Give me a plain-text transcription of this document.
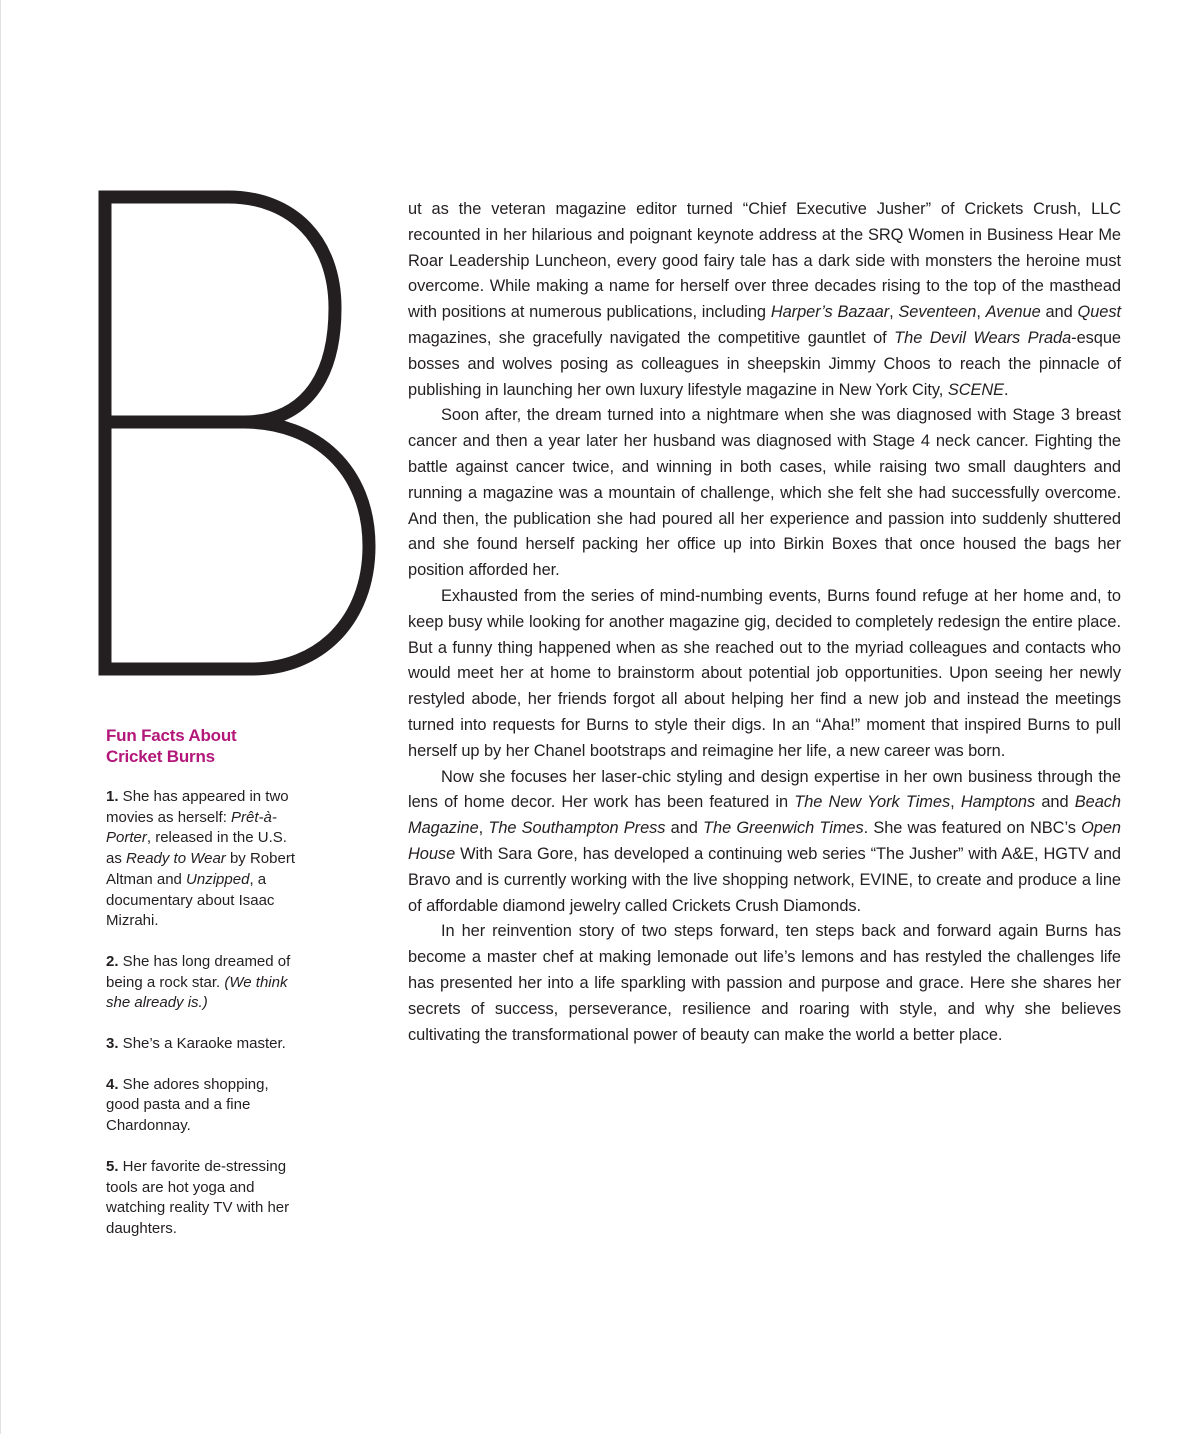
Fun Facts About Cricket Burns

1. She has appeared in two movies as herself: Prêt-à-Porter, released in the U.S. as Ready to Wear by Robert Altman and Unzipped, a documentary about Isaac Mizrahi.

2. She has long dreamed of being a rock star. (We think she already is.)

3. She’s a Karaoke master.

4. She adores shopping, good pasta and a fine Chardonnay.

5. Her favorite de-stressing tools are hot yoga and watching reality TV with her daughters.

ut as the veteran magazine editor turned “Chief Executive Jusher” of Crickets Crush, LLC recounted in her hilarious and poignant keynote address at the SRQ Women in Business Hear Me Roar Leadership Luncheon, every good fairy tale has a dark side with monsters the heroine must overcome. While making a name for herself over three decades rising to the top of the masthead with positions at numerous publications, including Harper’s Bazaar, Seventeen, Avenue and Quest magazines, she gracefully navigated the competitive gauntlet of The Devil Wears Prada-esque bosses and wolves posing as colleagues in sheepskin Jimmy Choos to reach the pinnacle of publishing in launching her own luxury lifestyle magazine in New York City, SCENE.

Soon after, the dream turned into a nightmare when she was diagnosed with Stage 3 breast cancer and then a year later her husband was diagnosed with Stage 4 neck cancer. Fighting the battle against cancer twice, and winning in both cases, while raising two small daughters and running a magazine was a mountain of challenge, which she felt she had successfully overcome. And then, the publication she had poured all her experience and passion into suddenly shuttered and she found herself packing her office up into Birkin Boxes that once housed the bags her position afforded her.

Exhausted from the series of mind-numbing events, Burns found refuge at her home and, to keep busy while looking for another magazine gig, decided to completely redesign the entire place. But a funny thing happened when as she reached out to the myriad colleagues and contacts who would meet her at home to brainstorm about potential job opportunities. Upon seeing her newly restyled abode, her friends forgot all about helping her find a new job and instead the meetings turned into requests for Burns to style their digs. In an “Aha!” moment that inspired Burns to pull herself up by her Chanel bootstraps and reimagine her life, a new career was born.

Now she focuses her laser-chic styling and design expertise in her own business through the lens of home decor. Her work has been featured in The New York Times, Hamptons and Beach Magazine, The Southampton Press and The Greenwich Times. She was featured on NBC’s Open House With Sara Gore, has developed a continuing web series “The Jusher” with A&E, HGTV and Bravo and is currently working with the live shopping network, EVINE, to create and produce a line of affordable diamond jewelry called Crickets Crush Diamonds.

In her reinvention story of two steps forward, ten steps back and forward again Burns has become a master chef at making lemonade out life’s lemons and has restyled the challenges life has presented her into a life sparkling with passion and purpose and grace. Here she shares her secrets of success, perseverance, resilience and roaring with style, and why she believes cultivating the transformational power of beauty can make the world a better place.
